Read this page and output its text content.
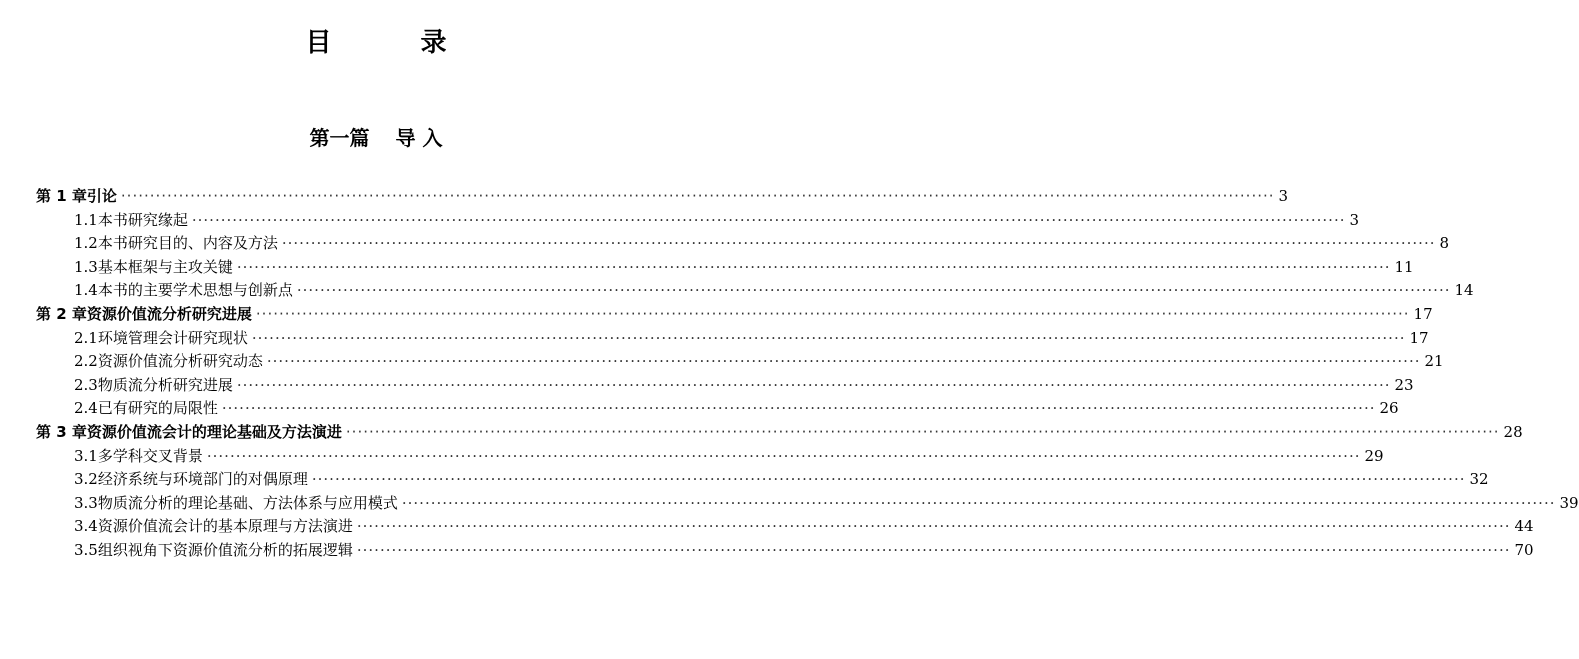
目 录
第一篇 导 入
第 1 章 引论 ········································································································································································································ 3
1.1 本书研究缘起 ········································································································································································································ 3
1.2 本书研究目的、内容及方法 ········································································································································································································ 8
1.3 基本框架与主攻关键 ········································································································································································································ 11
1.4 本书的主要学术思想与创新点 ········································································································································································································ 14
第 2 章 资源价值流分析研究进展 ········································································································································································································ 17
2.1 环境管理会计研究现状 ········································································································································································································ 17
2.2 资源价值流分析研究动态 ········································································································································································································ 21
2.3 物质流分析研究进展 ········································································································································································································ 23
2.4 已有研究的局限性 ········································································································································································································ 26
第 3 章 资源价值流会计的理论基础及方法演进 ········································································································································································································ 28
3.1 多学科交叉背景 ········································································································································································································ 29
3.2 经济系统与环境部门的对偶原理 ········································································································································································································ 32
3.3 物质流分析的理论基础、方法体系与应用模式 ········································································································································································································ 39
3.4 资源价值流会计的基本原理与方法演进 ········································································································································································································ 44
3.5 组织视角下资源价值流分析的拓展逻辑 ········································································································································································································ 70
